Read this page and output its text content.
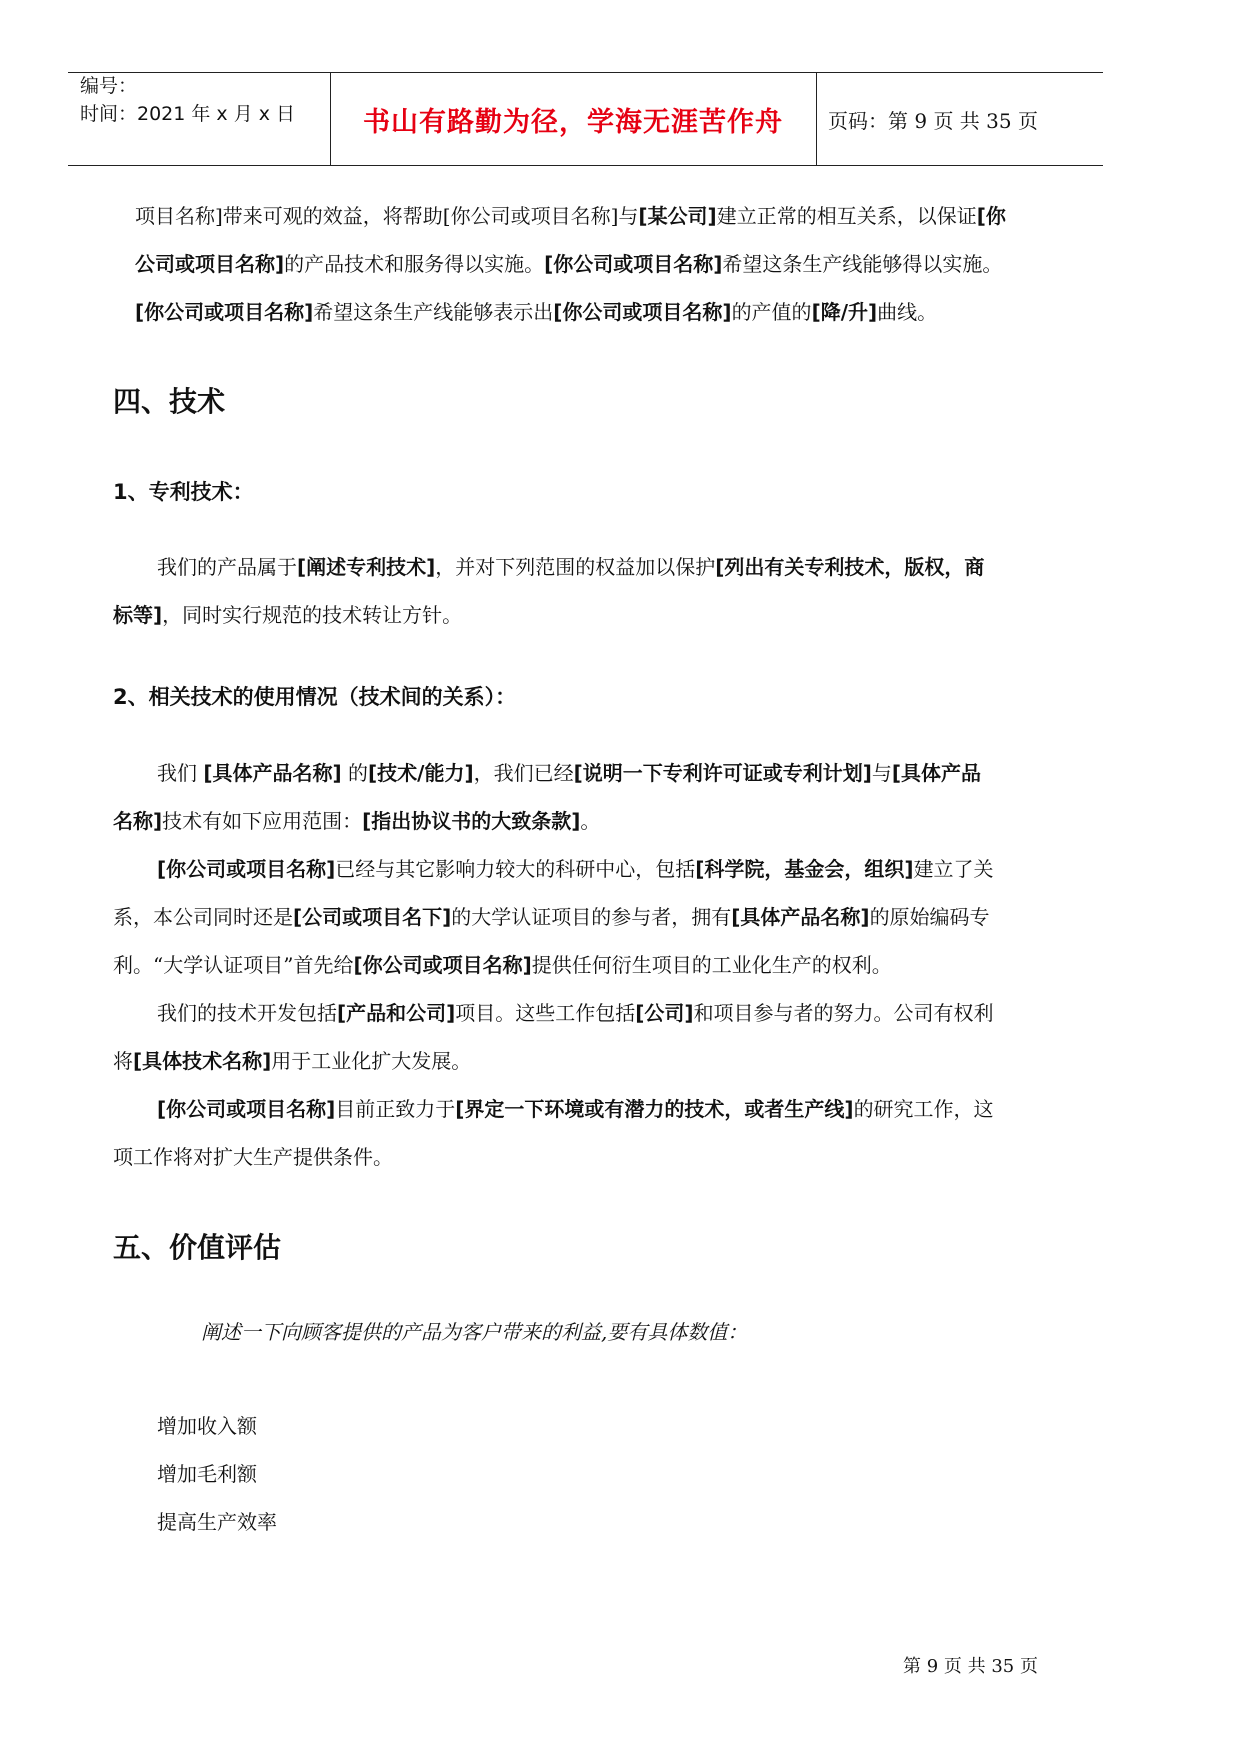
编号：
时间：2021 年 x 月 x 日	书山有路勤为径，学海无涯苦作舟	页码：第 9 页 共 35 页
项目名称]带来可观的效益，将帮助[你公司或项目名称]与[某公司]建立正常的相互关系，以保证[你
公司或项目名称]的产品技术和服务得以实施。[你公司或项目名称]希望这条生产线能够得以实施。
[你公司或项目名称]希望这条生产线能够表示出[你公司或项目名称]的产值的[降/升]曲线。
四、技术
1、专利技术：
我们的产品属于[阐述专利技术]，并对下列范围的权益加以保护[列出有关专利技术，版权，商
标等]，同时实行规范的技术转让方针。
2、相关技术的使用情况（技术间的关系）：
我们 [具体产品名称] 的[技术/能力]，我们已经[说明一下专利许可证或专利计划]与[具体产品
名称]技术有如下应用范围：[指出协议书的大致条款]。
[你公司或项目名称]已经与其它影响力较大的科研中心，包括[科学院，基金会，组织]建立了关
系，本公司同时还是[公司或项目名下]的大学认证项目的参与者，拥有[具体产品名称]的原始编码专
利。“大学认证项目”首先给[你公司或项目名称]提供任何衍生项目的工业化生产的权利。
我们的技术开发包括[产品和公司]项目。这些工作包括[公司]和项目参与者的努力。公司有权利
将[具体技术名称]用于工业化扩大发展。
[你公司或项目名称]目前正致力于[界定一下环境或有潜力的技术，或者生产线]的研究工作，这
项工作将对扩大生产提供条件。
五、价值评估
阐述一下向顾客提供的产品为客户带来的利益,要有具体数值：
增加收入额
增加毛利额
提高生产效率
第 9 页 共 35 页
